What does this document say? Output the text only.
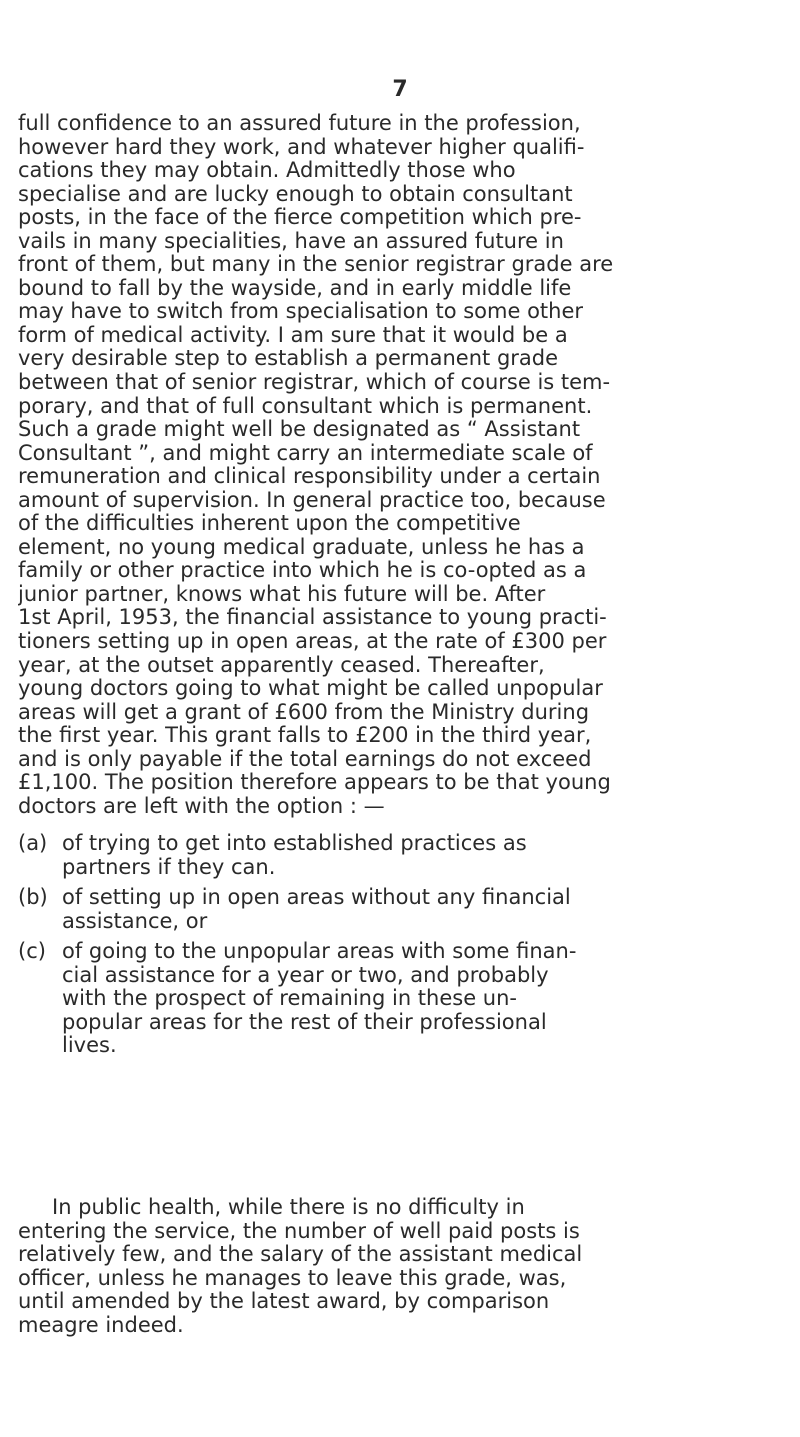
7
full confidence to an assured future in the profession,
however hard they work, and whatever higher qualifi-
cations they may obtain. Admittedly those who
specialise and are lucky enough to obtain consultant
posts, in the face of the fierce competition which pre-
vails in many specialities, have an assured future in
front of them, but many in the senior registrar grade are
bound to fall by the wayside, and in early middle life
may have to switch from specialisation to some other
form of medical activity. I am sure that it would be a
very desirable step to establish a permanent grade
between that of senior registrar, which of course is tem-
porary, and that of full consultant which is permanent.
Such a grade might well be designated as “ Assistant
Consultant ”, and might carry an intermediate scale of
remuneration and clinical responsibility under a certain
amount of supervision. In general practice too, because
of the difficulties inherent upon the competitive
element, no young medical graduate, unless he has a
family or other practice into which he is co-opted as a
junior partner, knows what his future will be. After
1st April, 1953, the financial assistance to young practi-
tioners setting up in open areas, at the rate of £300 per
year, at the outset apparently ceased. Thereafter,
young doctors going to what might be called unpopular
areas will get a grant of £600 from the Ministry during
the first year. This grant falls to £200 in the third year,
and is only payable if the total earnings do not exceed
£1,100. The position therefore appears to be that young
doctors are left with the option : —
(a) of trying to get into established practices as
partners if they can.
(b) of setting up in open areas without any financial
assistance, or
(c) of going to the unpopular areas with some finan-
cial assistance for a year or two, and probably
with the prospect of remaining in these un-
popular areas for the rest of their professional
lives.
In public health, while there is no difficulty in
entering the service, the number of well paid posts is
relatively few, and the salary of the assistant medical
officer, unless he manages to leave this grade, was,
until amended by the latest award, by comparison
meagre indeed.
